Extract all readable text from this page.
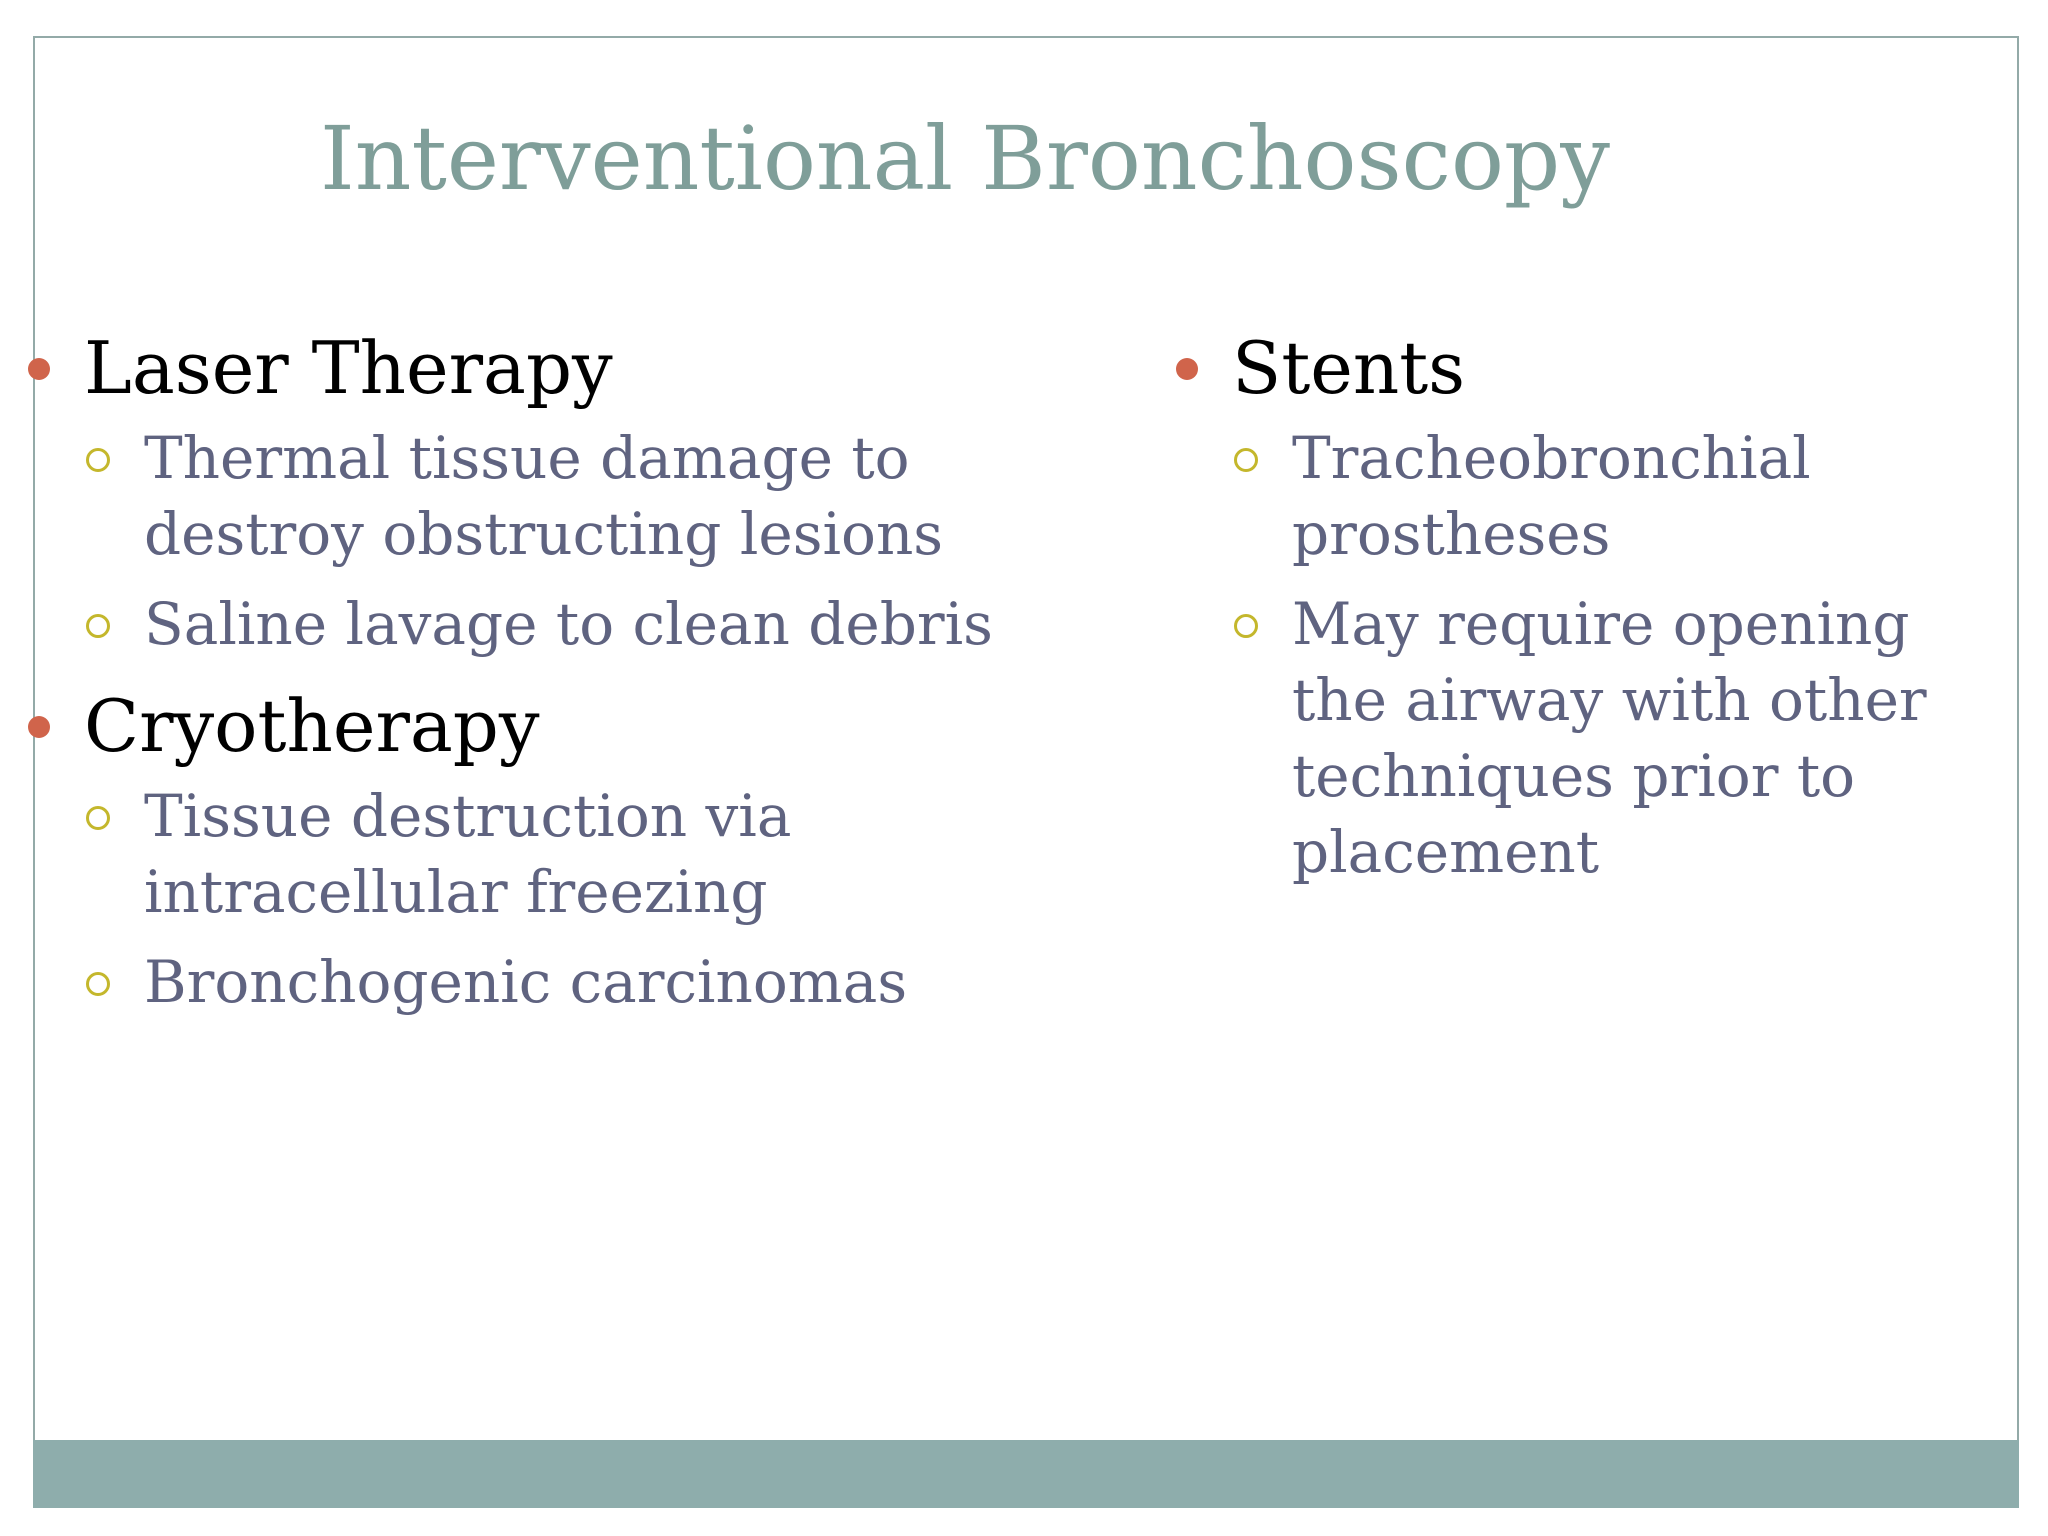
Interventional Bronchoscopy
Laser Therapy
Thermal tissue damage to destroy obstructing lesions
Saline lavage to clean debris
Cryotherapy
Tissue destruction via intracellular freezing
Bronchogenic carcinomas
Stents
Tracheobronchial prostheses
May require opening the airway with other techniques prior to placement
